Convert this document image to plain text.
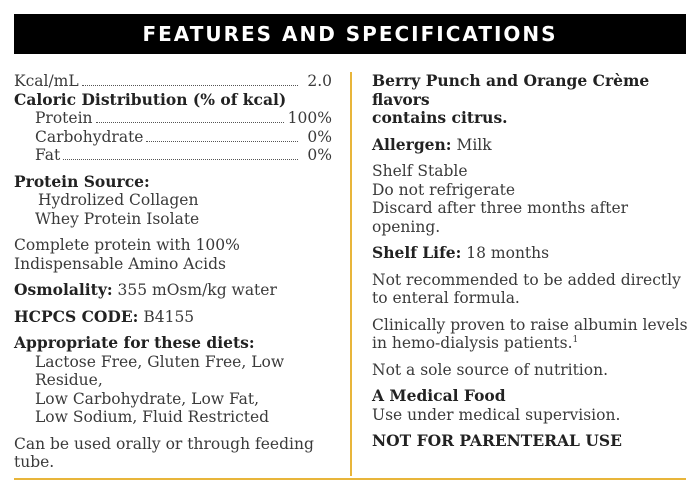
FEATURES AND SPECIFICATIONS
Kcal/mL	2.0
Caloric Distribution (% of kcal)
Protein	100%
Carbohydrate	0%
Fat	0%
Protein Source:
Hydrolized Collagen
Whey Protein Isolate
Complete protein with 100%
Indispensable Amino Acids
Osmolality: 355 mOsm/kg water
HCPCS CODE: B4155
Appropriate for these diets:
Lactose Free, Gluten Free, Low Residue,
Low Carbohydrate, Low Fat,
Low Sodium, Fluid Restricted
Can be used orally or through feeding tube.
Berry Punch and Orange Crème flavors
contains citrus.
Allergen: Milk
Shelf Stable
Do not refrigerate
Discard after three months after opening.
Shelf Life: 18 months
Not recommended to be added directly
to enteral formula.
Clinically proven to raise albumin levels
in hemo-dialysis patients.$^1$
Not a sole source of nutrition.
A Medical Food
Use under medical supervision.
NOT FOR PARENTERAL USE
